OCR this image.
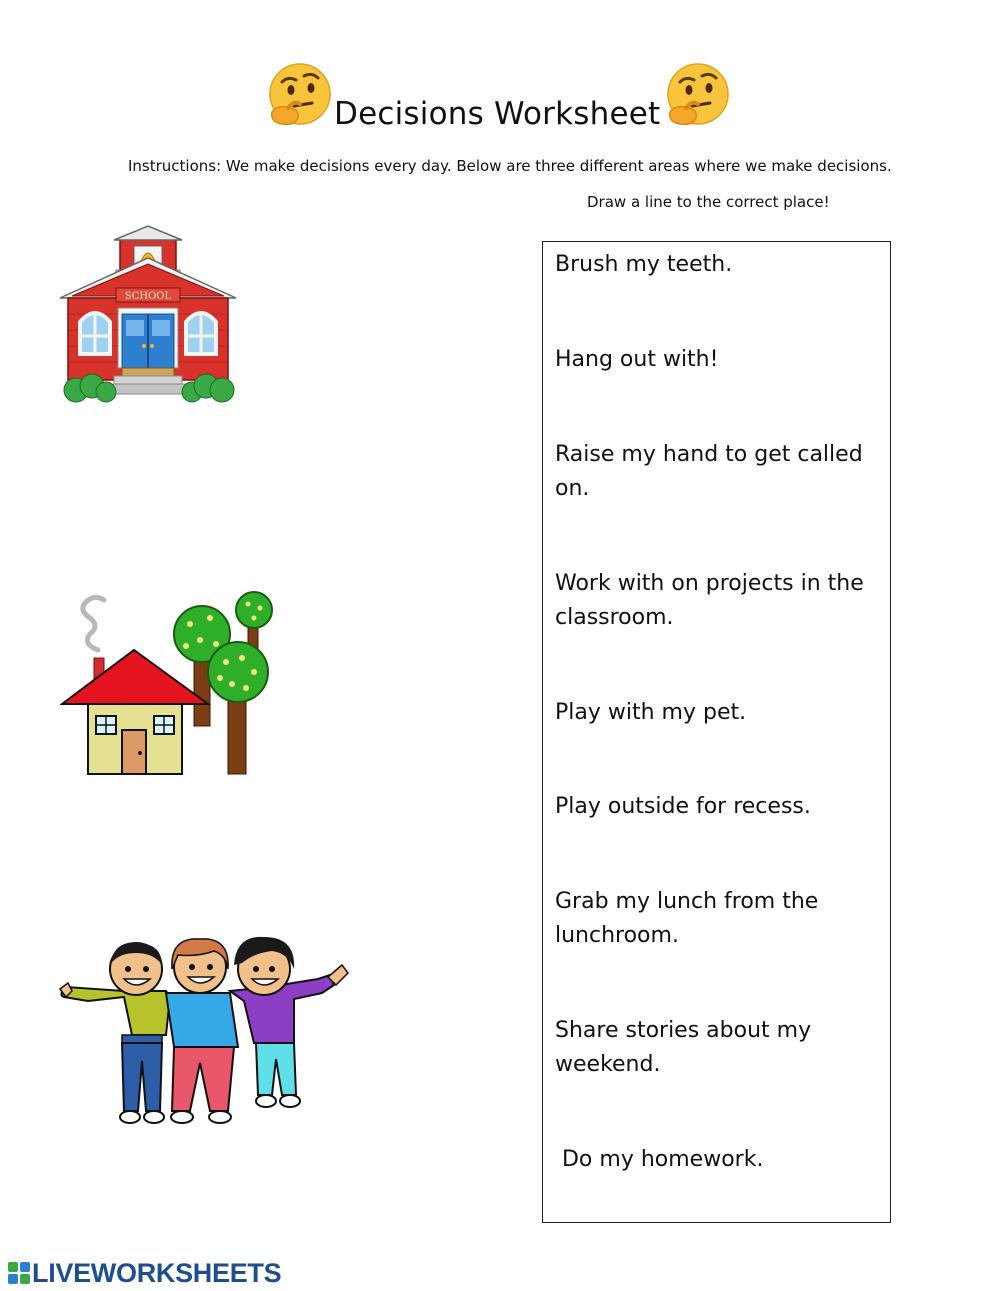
Decisions Worksheet
Instructions: We make decisions every day. Below are three different areas where we make decisions.
Draw a line to the correct place!
SCHOOL
Brush my teeth.
Hang out with!
Raise my hand to get called on.
Work with on projects in the classroom.
Play with my pet.
Play outside for recess.
Grab my lunch from the lunchroom.
Share stories about my weekend.
Do my homework.
LIVEWORKSHEETS
